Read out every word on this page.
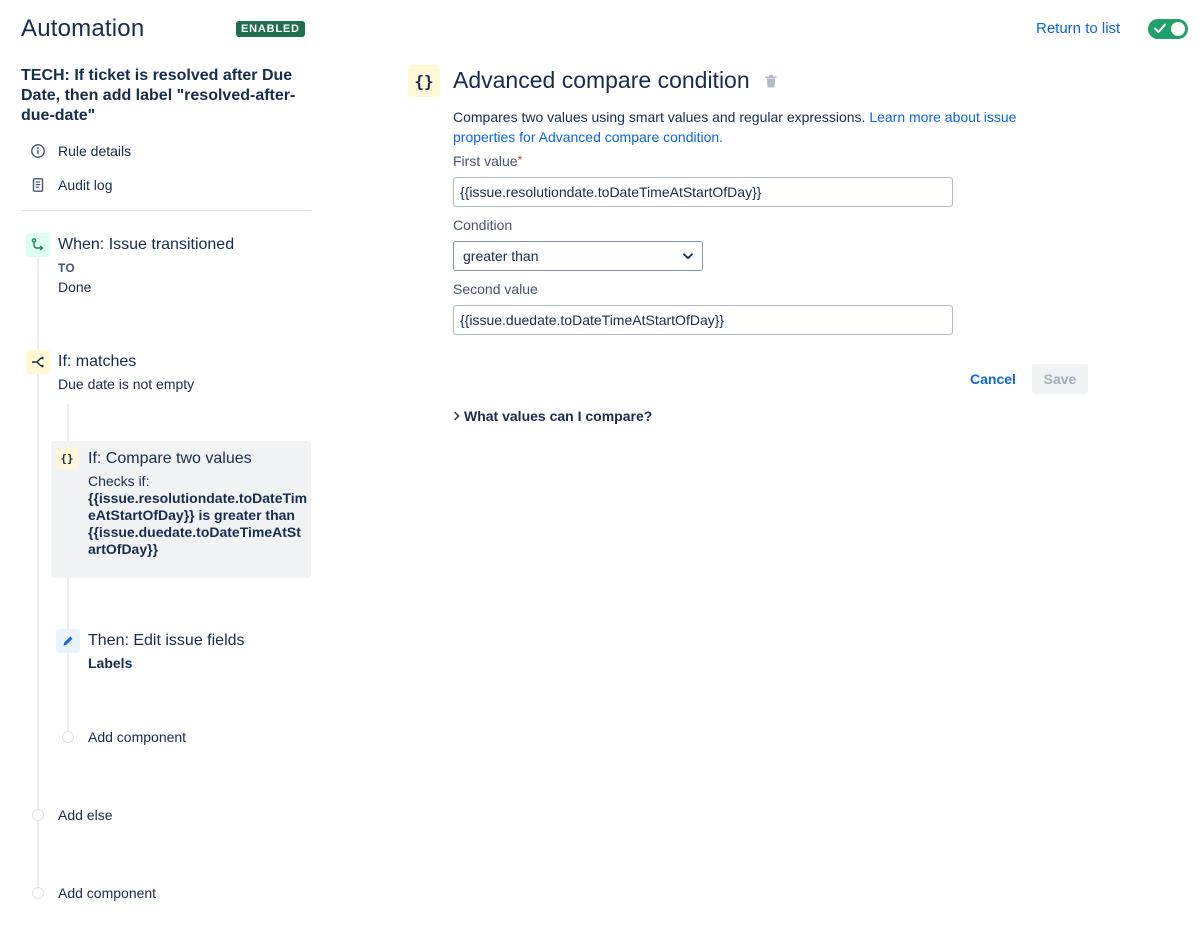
Automation	ENABLED	Return to list
TECH: If ticket is resolved after Due Date, then add label "resolved-after-due-date"
Rule details
Audit log
When: Issue transitioned
TO
Done
If: matches
Due date is not empty
{} If: Compare two values
Checks if:
{{issue.resolutiondate.toDateTimeAtStartOfDay}} is greater than {{issue.duedate.toDateTimeAtStartOfDay}}
Then: Edit issue fields
Labels
Add component
Add else
Add component
{} Advanced compare condition
Compares two values using smart values and regular expressions. Learn more about issue properties for Advanced compare condition.
First value*
{{issue.resolutiondate.toDateTimeAtStartOfDay}}
Condition
greater than
Second value
{{issue.duedate.toDateTimeAtStartOfDay}}
Cancel	Save
What values can I compare?
